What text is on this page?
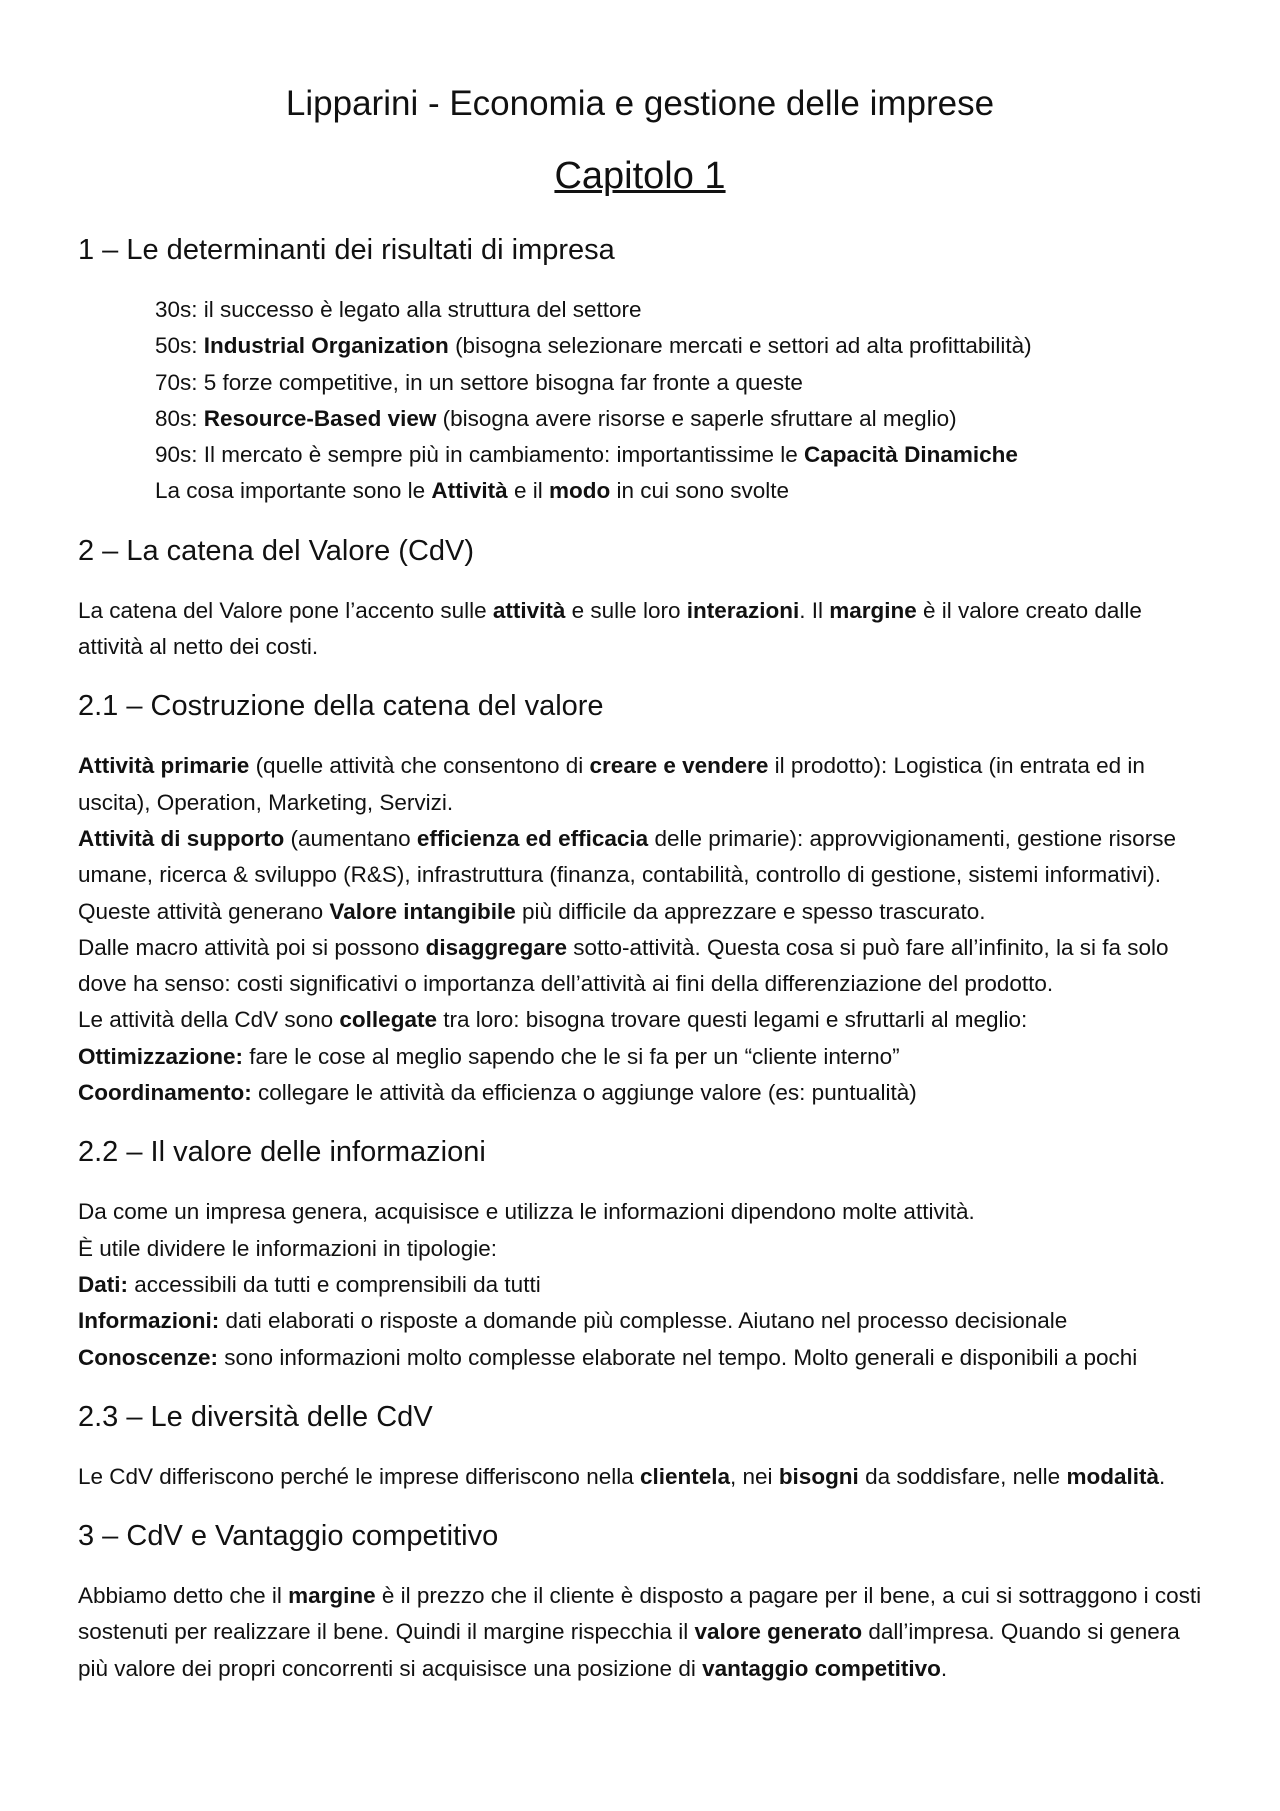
Lipparini - Economia e gestione delle imprese
Capitolo 1
1 – Le determinanti dei risultati di impresa
30s: il successo è legato alla struttura del settore
50s: Industrial Organization (bisogna selezionare mercati e settori ad alta profittabilità)
70s: 5 forze competitive, in un settore bisogna far fronte a queste
80s: Resource-Based view (bisogna avere risorse e saperle sfruttare al meglio)
90s: Il mercato è sempre più in cambiamento: importantissime le Capacità Dinamiche
La cosa importante sono le Attività e il modo in cui sono svolte
2 – La catena del Valore (CdV)

La catena del Valore pone l’accento sulle attività e sulle loro interazioni. Il margine è il valore creato dalle attività al netto dei costi.

2.1 – Costruzione della catena del valore

Attività primarie (quelle attività che consentono di creare e vendere il prodotto): Logistica (in entrata ed in uscita), Operation, Marketing, Servizi.

Attività di supporto (aumentano efficienza ed efficacia delle primarie): approvvigionamenti, gestione risorse umane, ricerca & sviluppo (R&S), infrastruttura (finanza, contabilità, controllo di gestione, sistemi informativi). Queste attività generano Valore intangibile più difficile da apprezzare e spesso trascurato.

Dalle macro attività poi si possono disaggregare sotto-attività. Questa cosa si può fare all’infinito, la si fa solo dove ha senso: costi significativi o importanza dell’attività ai fini della differenziazione del prodotto.

Le attività della CdV sono collegate tra loro: bisogna trovare questi legami e sfruttarli al meglio:

Ottimizzazione: fare le cose al meglio sapendo che le si fa per un “cliente interno”

Coordinamento: collegare le attività da efficienza o aggiunge valore (es: puntualità)

2.2 – Il valore delle informazioni

Da come un impresa genera, acquisisce e utilizza le informazioni dipendono molte attività.

È utile dividere le informazioni in tipologie:

Dati: accessibili da tutti e comprensibili da tutti

Informazioni: dati elaborati o risposte a domande più complesse. Aiutano nel processo decisionale

Conoscenze: sono informazioni molto complesse elaborate nel tempo. Molto generali e disponibili a pochi

2.3 – Le diversità delle CdV

Le CdV differiscono perché le imprese differiscono nella clientela, nei bisogni da soddisfare, nelle modalità.

3 – CdV e Vantaggio competitivo

Abbiamo detto che il margine è il prezzo che il cliente è disposto a pagare per il bene, a cui si sottraggono i costi sostenuti per realizzare il bene. Quindi il margine rispecchia il valore generato dall’impresa. Quando si genera più valore dei propri concorrenti si acquisisce una posizione di vantaggio competitivo.
